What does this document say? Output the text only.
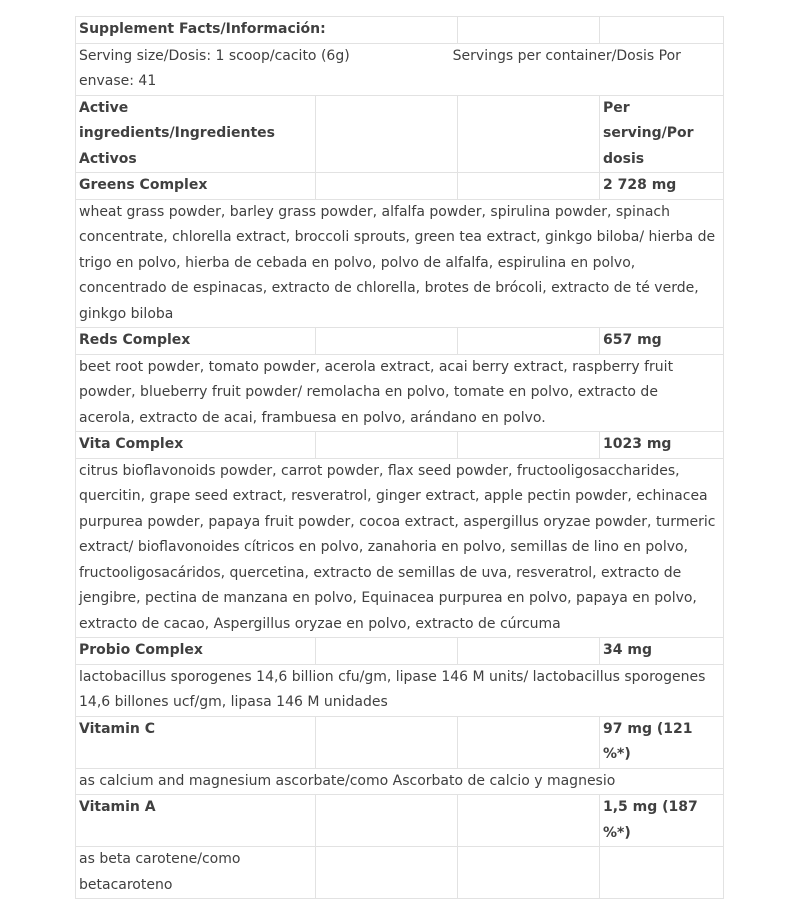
Supplement Facts/Información:			
Serving size/Dosis: 1 scoop/cacito (6g) Servings per container/Dosis Por envase: 41			
Active ingredients/Ingredientes Activos			Per serving/Por dosis
Greens Complex			2 728 mg
wheat grass powder, barley grass powder, alfalfa powder, spirulina powder, spinach concentrate, chlorella extract, broccoli sprouts, green tea extract, ginkgo biloba/ hierba de trigo en polvo, hierba de cebada en polvo, polvo de alfalfa, espirulina en polvo, concentrado de espinacas, extracto de chlorella, brotes de brócoli, extracto de té verde, ginkgo biloba			
Reds Complex			657 mg
beet root powder, tomato powder, acerola extract, acai berry extract, raspberry fruit powder, blueberry fruit powder/ remolacha en polvo, tomate en polvo, extracto de acerola, extracto de acai, frambuesa en polvo, arándano en polvo.			
Vita Complex			1023 mg
citrus bioflavonoids powder, carrot powder, flax seed powder, fructooligosaccharides, quercitin, grape seed extract, resveratrol, ginger extract, apple pectin powder, echinacea purpurea powder, papaya fruit powder, cocoa extract, aspergillus oryzae powder, turmeric extract/ bioflavonoides cítricos en polvo, zanahoria en polvo, semillas de lino en polvo, fructooligosacáridos, quercetina, extracto de semillas de uva, resveratrol, extracto de jengibre, pectina de manzana en polvo, Equinacea purpurea en polvo, papaya en polvo, extracto de cacao, Aspergillus oryzae en polvo, extracto de cúrcuma			
Probio Complex			34 mg
lactobacillus sporogenes 14,6 billion cfu/gm, lipase 146 M units/ lactobacillus sporogenes 14,6 billones ucf/gm, lipasa 146 M unidades			
Vitamin C			97 mg (121 %*)
as calcium and magnesium ascorbate/como Ascorbato de calcio y magnesio			
Vitamin A			1,5 mg (187 %*)
as beta carotene/como betacaroteno			
